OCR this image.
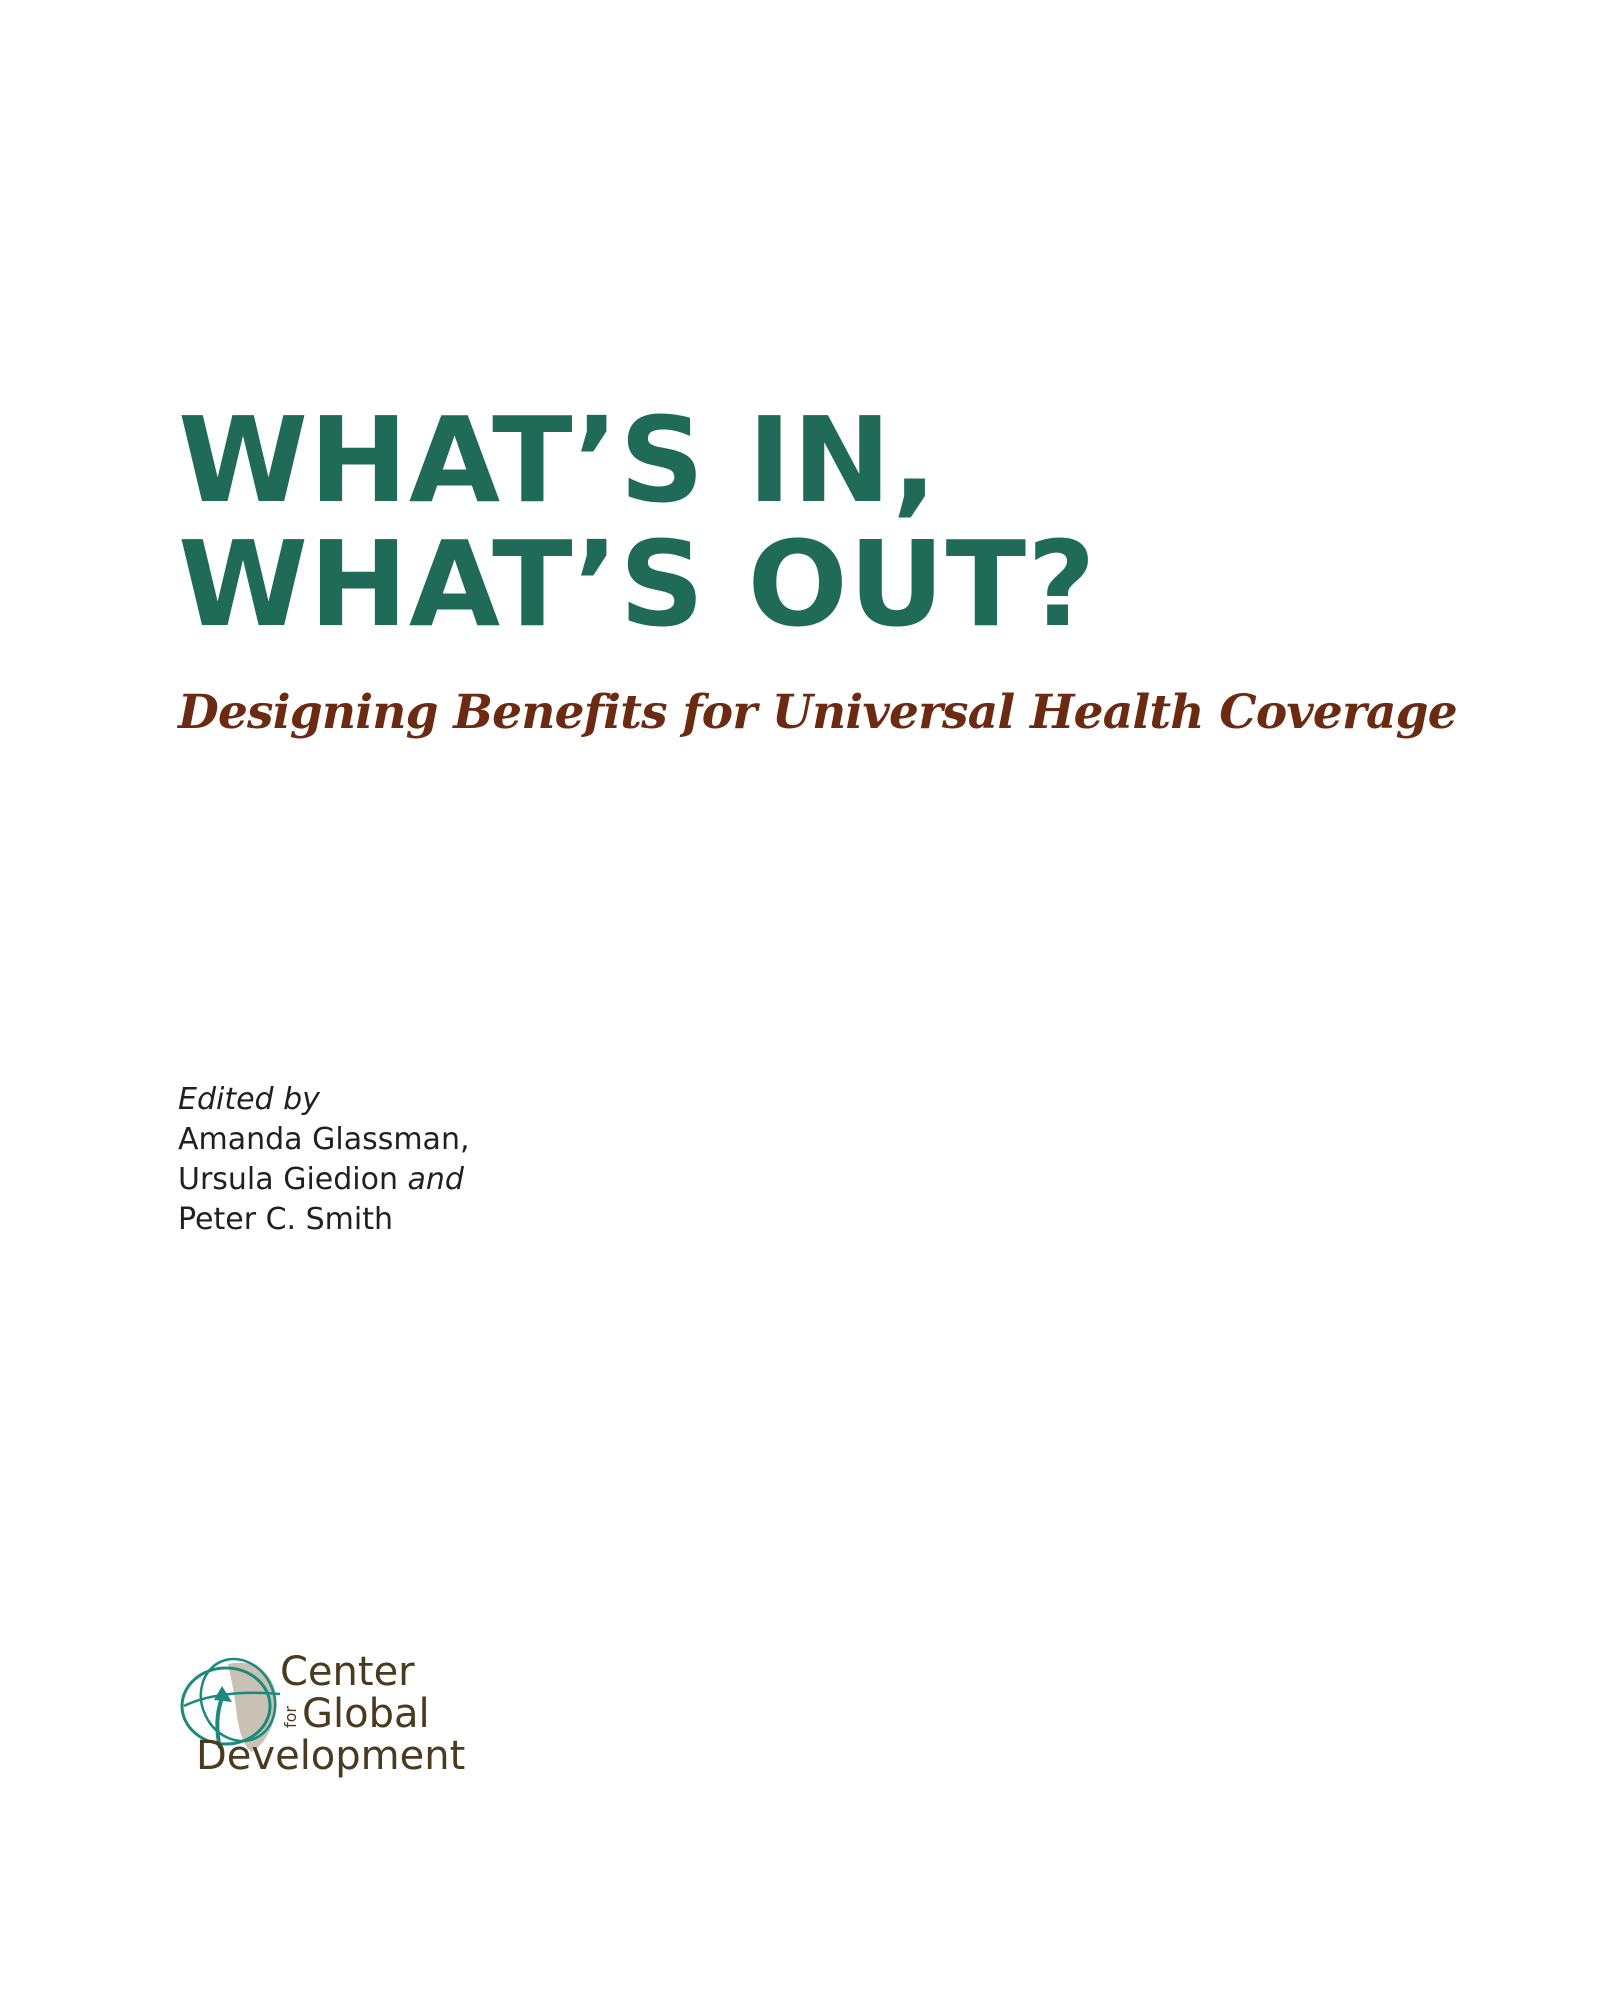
WHAT’S IN,
WHAT’S OUT?
Designing Benefits for Universal Health Coverage
Edited by
Amanda Glassman,
Ursula Giedion and
Peter C. Smith
Center
for Global
Development
